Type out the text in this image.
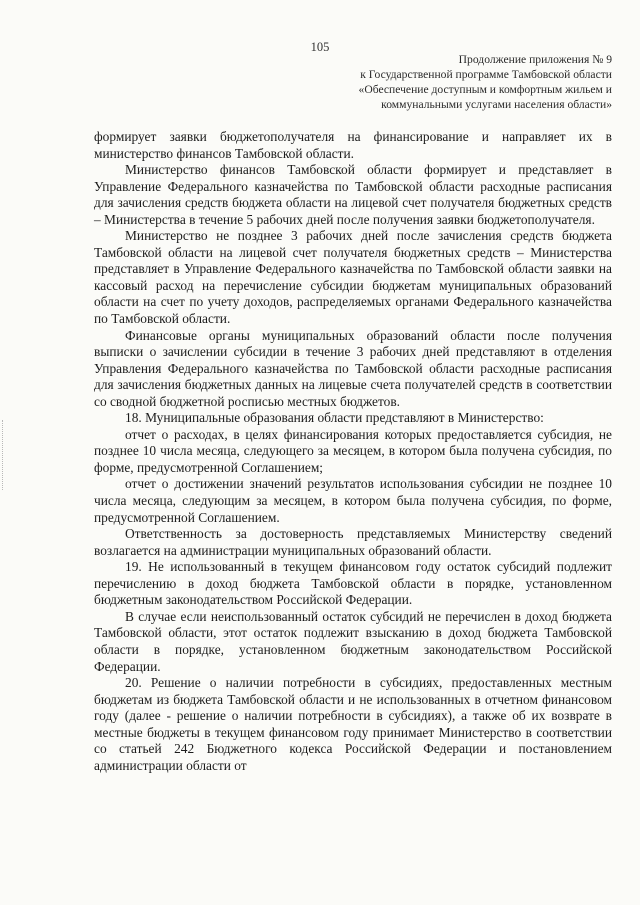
105
Продолжение приложения № 9
к Государственной программе Тамбовской области
«Обеспечение доступным и комфортным жильем и
коммунальными услугами населения области»

формирует заявки бюджетополучателя на финансирование и направляет их в министерство финансов Тамбовской области.

Министерство финансов Тамбовской области формирует и представляет в Управление Федерального казначейства по Тамбовской области расходные расписания для зачисления средств бюджета области на лицевой счет получателя бюджетных средств – Министерства в течение 5 рабочих дней после получения заявки бюджетополучателя.

Министерство не позднее 3 рабочих дней после зачисления средств бюджета Тамбовской области на лицевой счет получателя бюджетных средств – Министерства представляет в Управление Федерального казначейства по Тамбовской области заявки на кассовый расход на перечисление субсидии бюджетам муниципальных образований области на счет по учету доходов, распределяемых органами Федерального казначейства по Тамбовской области.

Финансовые органы муниципальных образований области после получения выписки о зачислении субсидии в течение 3 рабочих дней представляют в отделения Управления Федерального казначейства по Тамбовской области расходные расписания для зачисления бюджетных данных на лицевые счета получателей средств в соответствии со сводной бюджетной росписью местных бюджетов.

18. Муниципальные образования области представляют в Министерство:

отчет о расходах, в целях финансирования которых предоставляется субсидия, не позднее 10 числа месяца, следующего за месяцем, в котором была получена субсидия, по форме, предусмотренной Соглашением;

отчет о достижении значений результатов использования субсидии не позднее 10 числа месяца, следующим за месяцем, в котором была получена субсидия, по форме, предусмотренной Соглашением.

Ответственность за достоверность представляемых Министерству сведений возлагается на администрации муниципальных образований области.

19. Не использованный в текущем финансовом году остаток субсидий подлежит перечислению в доход бюджета Тамбовской области в порядке, установленном бюджетным законодательством Российской Федерации.

В случае если неиспользованный остаток субсидий не перечислен в доход бюджета Тамбовской области, этот остаток подлежит взысканию в доход бюджета Тамбовской области в порядке, установленном бюджетным законодательством Российской Федерации.

20. Решение о наличии потребности в субсидиях, предоставленных местным бюджетам из бюджета Тамбовской области и не использованных в отчетном финансовом году (далее - решение о наличии потребности в субсидиях), а также об их возврате в местные бюджеты в текущем финансовом году принимает Министерство в соответствии со статьей 242 Бюджетного кодекса Российской Федерации и постановлением администрации области от
